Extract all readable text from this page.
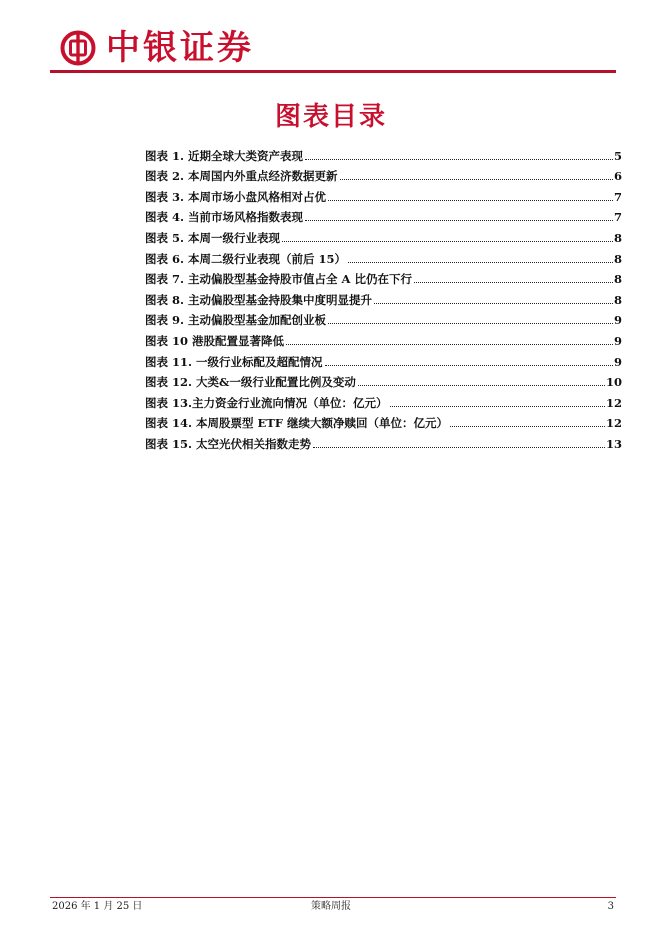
中银证券
图表目录
图表 1. 近期全球大类资产表现	5
图表 2. 本周国内外重点经济数据更新	6
图表 3. 本周市场小盘风格相对占优	7
图表 4. 当前市场风格指数表现	7
图表 5. 本周一级行业表现	8
图表 6. 本周二级行业表现（前后 15）	8
图表 7. 主动偏股型基金持股市值占全 A 比仍在下行	8
图表 8. 主动偏股型基金持股集中度明显提升	8
图表 9. 主动偏股型基金加配创业板	9
图表 10 港股配置显著降低	9
图表 11. 一级行业标配及超配情况	9
图表 12. 大类&一级行业配置比例及变动	10
图表 13.主力资金行业流向情况（单位：亿元）	12
图表 14. 本周股票型 ETF 继续大额净赎回（单位：亿元）	12
图表 15. 太空光伏相关指数走势	13
2026 年 1 月 25 日	策略周报	3
